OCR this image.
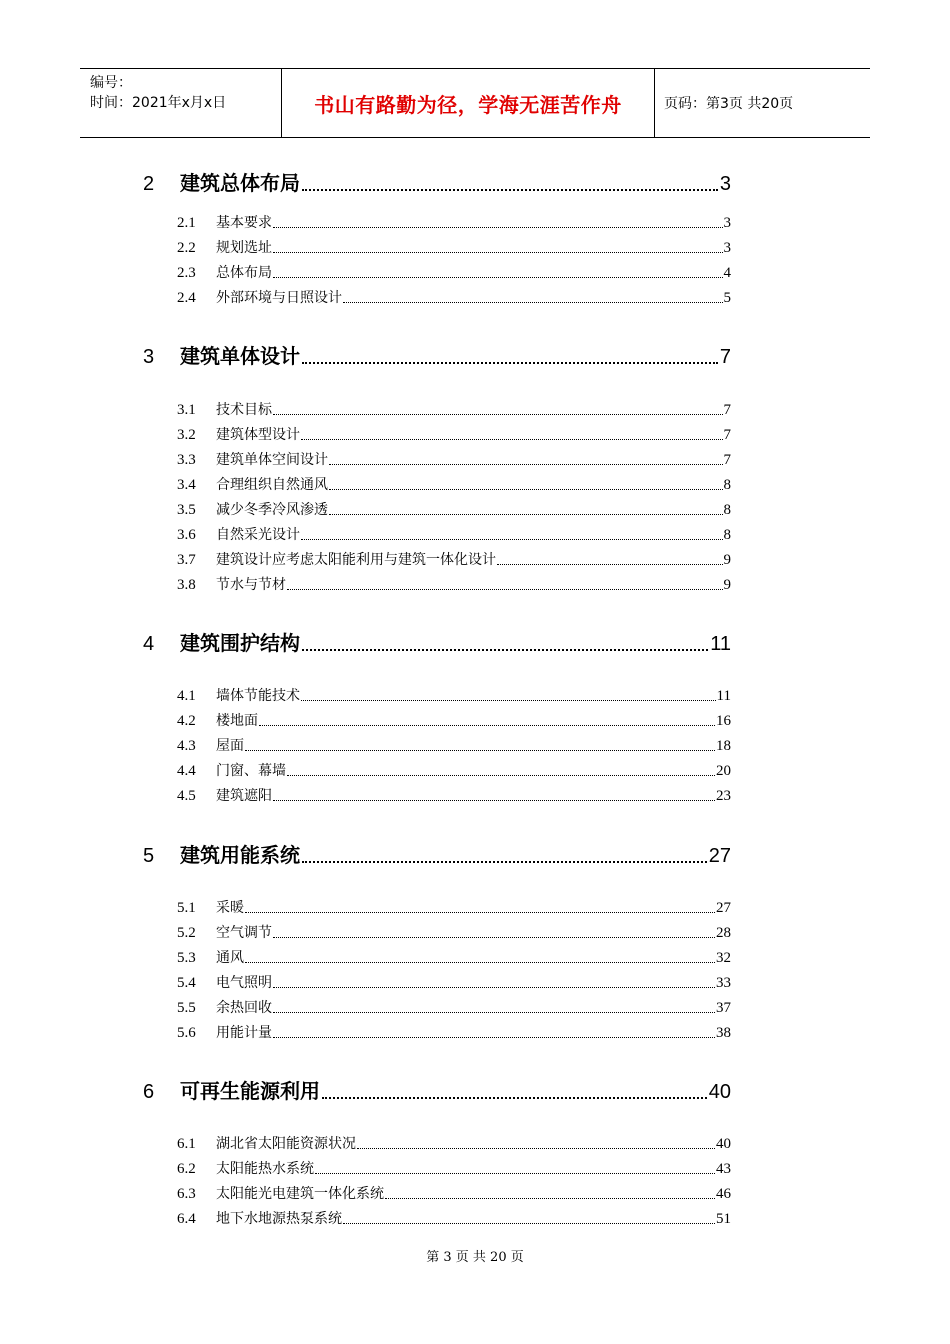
编号：
时间：2021年x月x日	书山有路勤为径，学海无涯苦作舟	页码：第3页 共20页
2	建筑总体布局	3
2.1	基本要求	3
2.2	规划选址	3
2.3	总体布局	4
2.4	外部环境与日照设计	5
3	建筑单体设计	7
3.1	技术目标	7
3.2	建筑体型设计	7
3.3	建筑单体空间设计	7
3.4	合理组织自然通风	8
3.5	减少冬季冷风渗透	8
3.6	自然采光设计	8
3.7	建筑设计应考虑太阳能利用与建筑一体化设计	9
3.8	节水与节材	9
4	建筑围护结构	11
4.1	墙体节能技术	11
4.2	楼地面	16
4.3	屋面	18
4.4	门窗、幕墙	20
4.5	建筑遮阳	23
5	建筑用能系统	27
5.1	采暖	27
5.2	空气调节	28
5.3	通风	32
5.4	电气照明	33
5.5	余热回收	37
5.6	用能计量	38
6	可再生能源利用	40
6.1	湖北省太阳能资源状况	40
6.2	太阳能热水系统	43
6.3	太阳能光电建筑一体化系统	46
6.4	地下水地源热泵系统	51
第 3 页 共 20 页
